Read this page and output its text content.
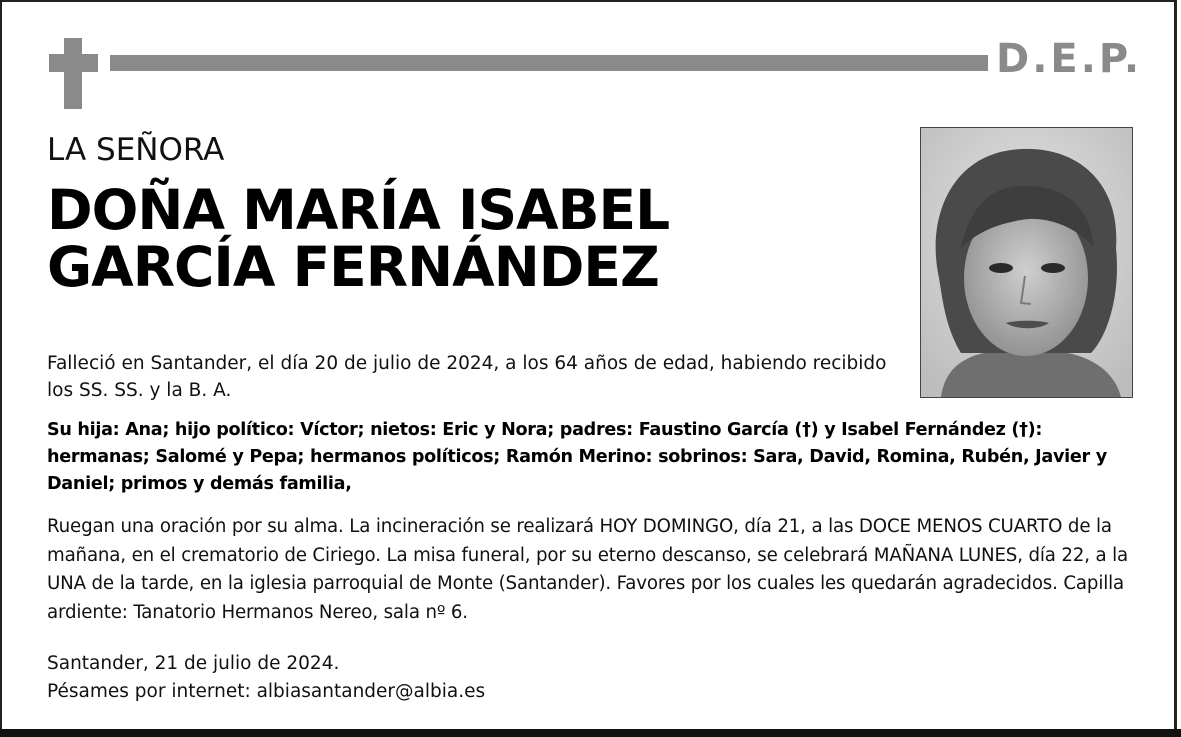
D.E.P.
LA SEÑORA
DOÑA MARÍA ISABEL
GARCÍA FERNÁNDEZ
Falleció en Santander, el día 20 de julio de 2024, a los 64 años de edad, habiendo recibido los SS. SS. y la B. A.
Su hija: Ana; hijo político: Víctor; nietos: Eric y Nora; padres: Faustino García (†) y Isabel Fernández (†): hermanas; Salomé y Pepa; hermanos políticos; Ramón Merino: sobrinos: Sara, David, Romina, Rubén, Javier y Daniel; primos y demás familia,
Ruegan una oración por su alma. La incineración se realizará HOY DOMINGO, día 21, a las DOCE MENOS CUARTO de la mañana, en el crematorio de Ciriego. La misa funeral, por su eterno descanso, se celebrará MAÑANA LUNES, día 22, a la UNA de la tarde, en la iglesia parroquial de Monte (Santander). Favores por los cuales les quedarán agradecidos. Capilla ardiente: Tanatorio Hermanos Nereo, sala nº 6.
Santander, 21 de julio de 2024.
Pésames por internet: albiasantander@albia.es
